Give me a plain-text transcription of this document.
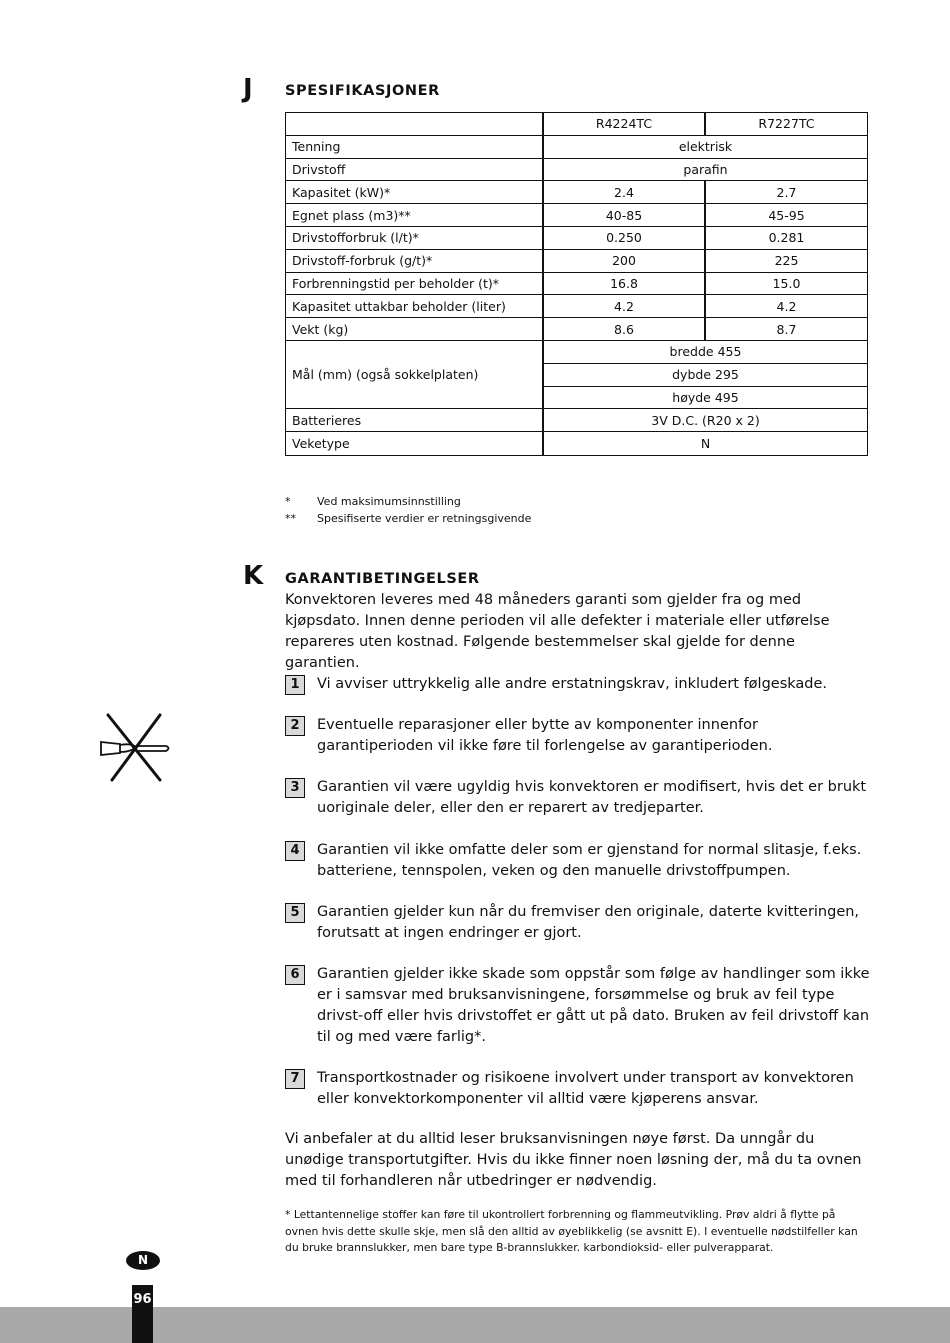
J SPESIFIKASJONER
	R4224TC	R7227TC
Tenning	elektrisk	
Drivstoff	parafin	
Kapasitet (kW)*	2.4	2.7
Egnet plass (m3)**	40-85	45-95
Drivstofforbruk (l/t)*	0.250	0.281
Drivstoff-forbruk (g/t)*	200	225
Forbrenningstid per beholder (t)*	16.8	15.0
Kapasitet uttakbar beholder (liter)	4.2	4.2
Vekt (kg)	8.6	8.7
Mål (mm) (også sokkelplaten)	bredde 455	
	dybde 295	
	høyde 495	
Batterieres	3V D.C. (R20 x 2)	
Veketype	N	
*	Ved maksimumsinnstilling
**	Spesifiserte verdier er retningsgivende
K GARANTIBETINGELSER
Konvektoren leveres med 48 måneders garanti som gjelder fra og med kjøpsdato. Innen denne perioden vil alle defekter i materiale eller utførelse repareres uten kostnad. Følgende bestemmelser skal gjelde for denne garantien.
1	Vi avviser uttrykkelig alle andre erstatningskrav, inkludert følgeskade.
2	Eventuelle reparasjoner eller bytte av komponenter innenfor garantiperioden vil ikke føre til forlengelse av garantiperioden.
3	Garantien vil være ugyldig hvis konvektoren er modifisert, hvis det er brukt uoriginale deler, eller den er reparert av tredjeparter.
4	Garantien vil ikke omfatte deler som er gjenstand for normal slitasje, f.eks. batteriene, tennspolen, veken og den manuelle drivstoffpumpen.
5	Garantien gjelder kun når du fremviser den originale, daterte kvitteringen, forutsatt at ingen endringer er gjort.
6	Garantien gjelder ikke skade som oppstår som følge av handlinger som ikke er i samsvar med bruksanvisningene, forsømmelse og bruk av feil type drivst-off eller hvis drivstoffet er gått ut på dato. Bruken av feil drivstoff kan til og med være farlig*.
7	Transportkostnader og risikoene involvert under transport av konvektoren eller konvektorkomponenter vil alltid være kjøperens ansvar.
Vi anbefaler at du alltid leser bruksanvisningen nøye først. Da unngår du unødige transportutgifter. Hvis du ikke finner noen løsning der, må du ta ovnen med til forhandleren når utbedringer er nødvendig.
* Lettantennelige stoffer kan føre til ukontrollert forbrenning og flammeutvikling. Prøv aldri å flytte på ovnen hvis dette skulle skje, men slå den alltid av øyeblikkelig (se avsnitt E). I eventuelle nødstilfeller kan du bruke brannslukker, men bare type B-brannslukker. karbondioksid- eller pulverapparat.
N
96
